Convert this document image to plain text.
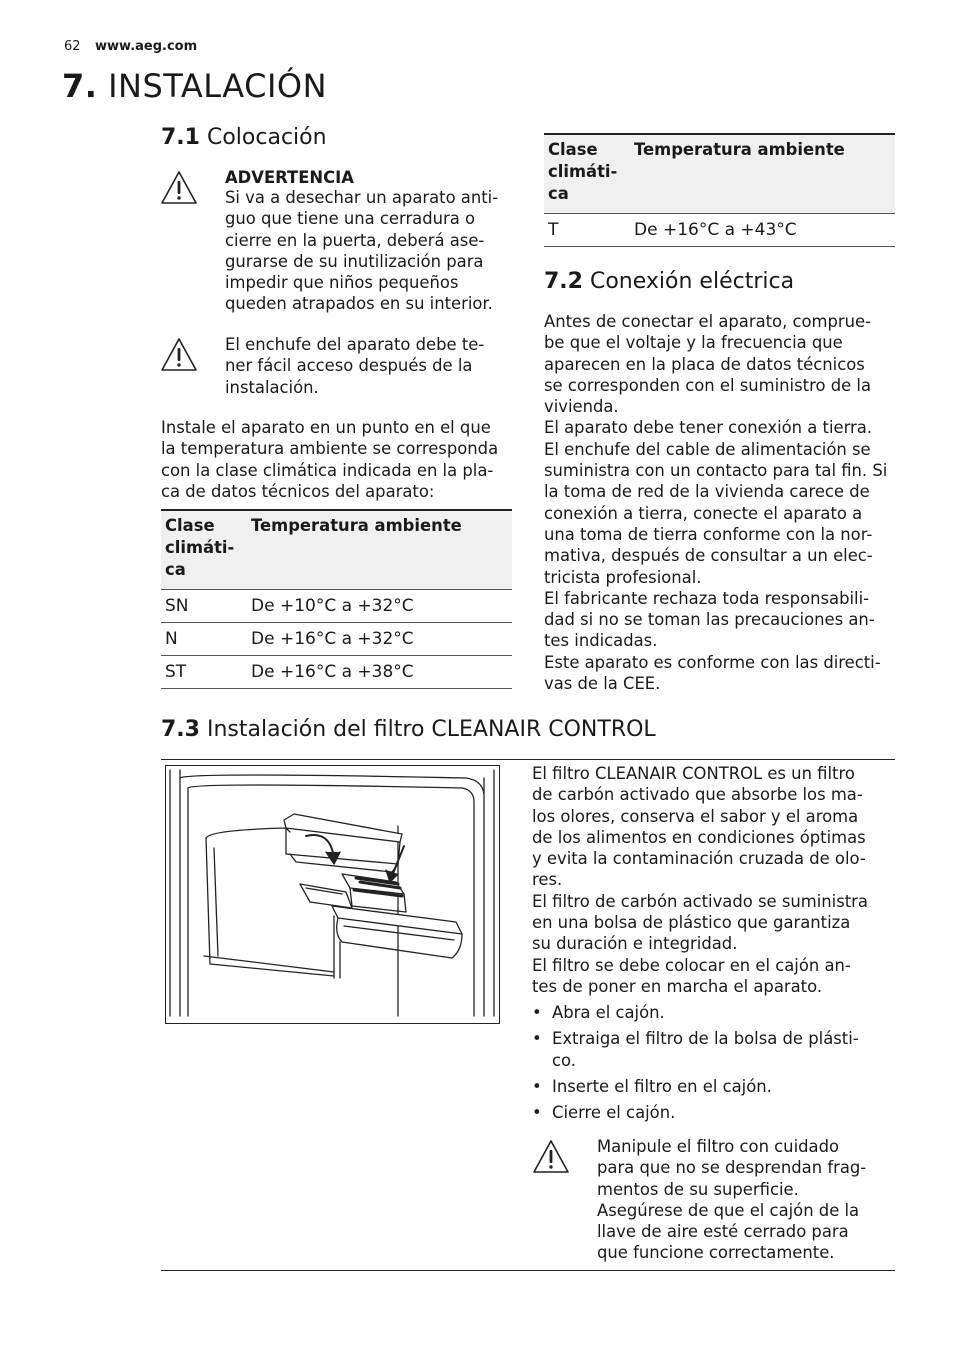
62 www.aeg.com
7. INSTALACIÓN
7.1 Colocación
ADVERTENCIA
Si va a desechar un aparato anti-
guo que tiene una cerradura o
cierre en la puerta, deberá ase-
gurarse de su inutilización para
impedir que niños pequeños
queden atrapados en su interior.
El enchufe del aparato debe te-
ner fácil acceso después de la
instalación.
Instale el aparato en un punto en el que
la temperatura ambiente se corresponda
con la clase climática indicada en la pla-
ca de datos técnicos del aparato:
Clase
climáti-
ca	Temperatura ambiente
SN	De +10°C a +32°C
N	De +16°C a +32°C
ST	De +16°C a +38°C
Clase
climáti-
ca	Temperatura ambiente
T	De +16°C a +43°C
7.2 Conexión eléctrica
Antes de conectar el aparato, comprue-
be que el voltaje y la frecuencia que
aparecen en la placa de datos técnicos
se corresponden con el suministro de la
vivienda.
El aparato debe tener conexión a tierra.
El enchufe del cable de alimentación se
suministra con un contacto para tal fin. Si
la toma de red de la vivienda carece de
conexión a tierra, conecte el aparato a
una toma de tierra conforme con la nor-
mativa, después de consultar a un elec-
tricista profesional.
El fabricante rechaza toda responsabili-
dad si no se toman las precauciones an-
tes indicadas.
Este aparato es conforme con las directi-
vas de la CEE.
7.3 Instalación del filtro CLEANAIR CONTROL
El filtro CLEANAIR CONTROL es un filtro
de carbón activado que absorbe los ma-
los olores, conserva el sabor y el aroma
de los alimentos en condiciones óptimas
y evita la contaminación cruzada de olo-
res.
El filtro de carbón activado se suministra
en una bolsa de plástico que garantiza
su duración e integridad.
El filtro se debe colocar en el cajón an-
tes de poner en marcha el aparato.
• Abra el cajón.
• Extraiga el filtro de la bolsa de plásti-
co.
• Inserte el filtro en el cajón.
• Cierre el cajón.
Manipule el filtro con cuidado
para que no se desprendan frag-
mentos de su superficie.
Asegúrese de que el cajón de la
llave de aire esté cerrado para
que funcione correctamente.
